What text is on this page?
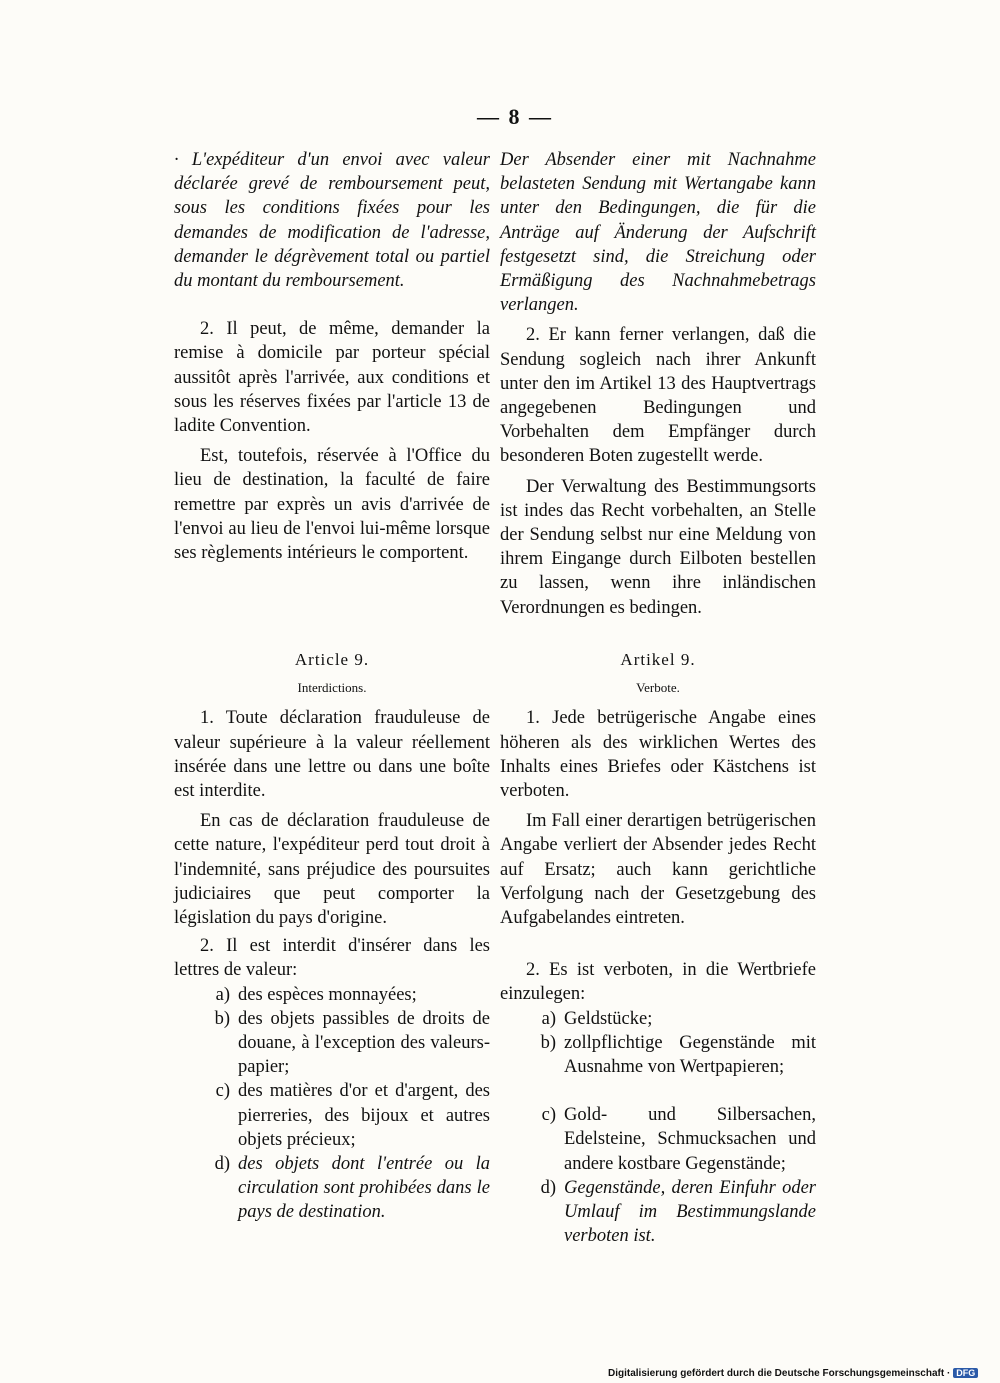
— 8 —

· L'expéditeur d'un envoi avec valeur déclarée grevé de remboursement peut, sous les conditions fixées pour les demandes de modification de l'adresse, demander le dégrèvement total ou partiel du montant du remboursement.

2. Il peut, de même, demander la remise à domicile par porteur spécial aussitôt après l'arrivée, aux conditions et sous les réserves fixées par l'article 13 de ladite Convention.

Est, toutefois, réservée à l'Office du lieu de destination, la faculté de faire remettre par exprès un avis d'arrivée de l'envoi au lieu de l'envoi lui-même lorsque ses règlements intérieurs le comportent.

Article 9.
Interdictions.

1. Toute déclaration frauduleuse de valeur supérieure à la valeur réellement insérée dans une lettre ou dans une boîte est interdite.

En cas de déclaration frauduleuse de cette nature, l'expéditeur perd tout droit à l'indemnité, sans préjudice des poursuites judiciaires que peut comporter la législation du pays d'origine.

2. Il est interdit d'insérer dans les lettres de valeur:

a) des espèces monnayées;
b) des objets passibles de droits de douane, à l'exception des valeurs-papier;
c) des matières d'or et d'argent, des pierreries, des bijoux et autres objets précieux;
d) des objets dont l'entrée ou la circulation sont prohibées dans le pays de destination.

Der Absender einer mit Nachnahme belasteten Sendung mit Wertangabe kann unter den Bedingungen, die für die Anträge auf Änderung der Aufschrift festgesetzt sind, die Streichung oder Ermäßigung des Nachnahmebetrags verlangen.

2. Er kann ferner verlangen, daß die Sendung sogleich nach ihrer Ankunft unter den im Artikel 13 des Hauptvertrags angegebenen Bedingungen und Vorbehalten dem Empfänger durch besonderen Boten zugestellt werde.

Der Verwaltung des Bestimmungsorts ist indes das Recht vorbehalten, an Stelle der Sendung selbst nur eine Meldung von ihrem Eingange durch Eilboten bestellen zu lassen, wenn ihre inländischen Verordnungen es bedingen.

Artikel 9.
Verbote.

1. Jede betrügerische Angabe eines höheren als des wirklichen Wertes des Inhalts eines Briefes oder Kästchens ist verboten.

Im Fall einer derartigen betrügerischen Angabe verliert der Absender jedes Recht auf Ersatz; auch kann gerichtliche Verfolgung nach der Gesetzgebung des Aufgabelandes eintreten.

2. Es ist verboten, in die Wertbriefe einzulegen:

a) Geldstücke;
b) zollpflichtige Gegenstände mit Ausnahme von Wertpapieren;
c) Gold- und Silbersachen, Edelsteine, Schmucksachen und andere kostbare Gegenstände;
d) Gegenstände, deren Einfuhr oder Umlauf im Bestimmungslande verboten ist.
Digitalisierung gefördert durch die Deutsche Forschungsgemeinschaft · DFG
